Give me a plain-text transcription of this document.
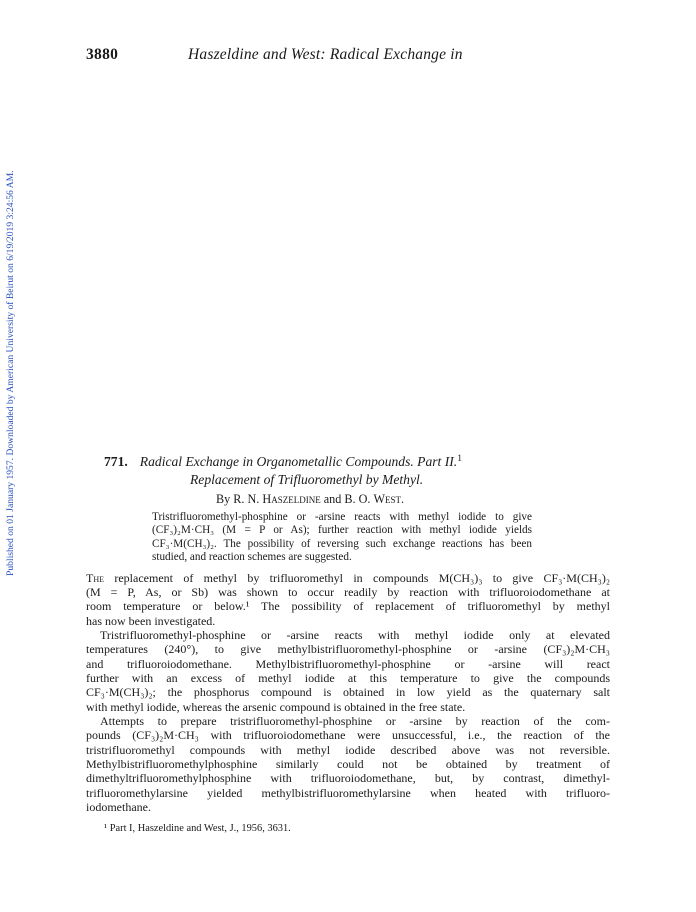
Published on 01 January 1957. Downloaded by American University of Beirut on 6/19/2019 3:24:56 AM.
3880	Haszeldine and West: Radical Exchange in

771. Radical Exchange in Organometallic Compounds. Part II.$^1$

Replacement of Trifluoromethyl by Methyl.

By R. N. Haszeldine and B. O. West.

Tristrifluoromethyl-phosphine or -arsine reacts with methyl iodide to give
(CF₃)₂M·CH₃ (M = P or As); further reaction with methyl iodide yields
CF₃·M(CH₃)₂. The possibility of reversing such exchange reactions has been
studied, and reaction schemes are suggested.
The replacement of methyl by trifluoromethyl in compounds M(CH₃)₃ to give CF₃·M(CH₃)₂
(M = P, As, or Sb) was shown to occur readily by reaction with trifluoroiodomethane at
room temperature or below.¹ The possibility of replacement of trifluoromethyl by methyl
has now been investigated.
Tristrifluoromethyl-phosphine or -arsine reacts with methyl iodide only at elevated
temperatures (240°), to give methylbistrifluoromethyl-phosphine or -arsine (CF₃)₂M·CH₃
and trifluoroiodomethane. Methylbistrifluoromethyl-phosphine or -arsine will react
further with an excess of methyl iodide at this temperature to give the compounds
CF₃·M(CH₃)₂; the phosphorus compound is obtained in low yield as the quaternary salt
with methyl iodide, whereas the arsenic compound is obtained in the free state.
Attempts to prepare tristrifluoromethyl-phosphine or -arsine by reaction of the com-
pounds (CF₃)₂M·CH₃ with trifluoroiodomethane were unsuccessful, i.e., the reaction of the
tristrifluoromethyl compounds with methyl iodide described above was not reversible.
Methylbistrifluoromethylphosphine similarly could not be obtained by treatment of
dimethyltrifluoromethylphosphine with trifluoroiodomethane, but, by contrast, dimethyl-
trifluoromethylarsine yielded methylbistrifluoromethylarsine when heated with trifluoro-
iodomethane.
¹ Part I, Haszeldine and West, J., 1956, 3631.
